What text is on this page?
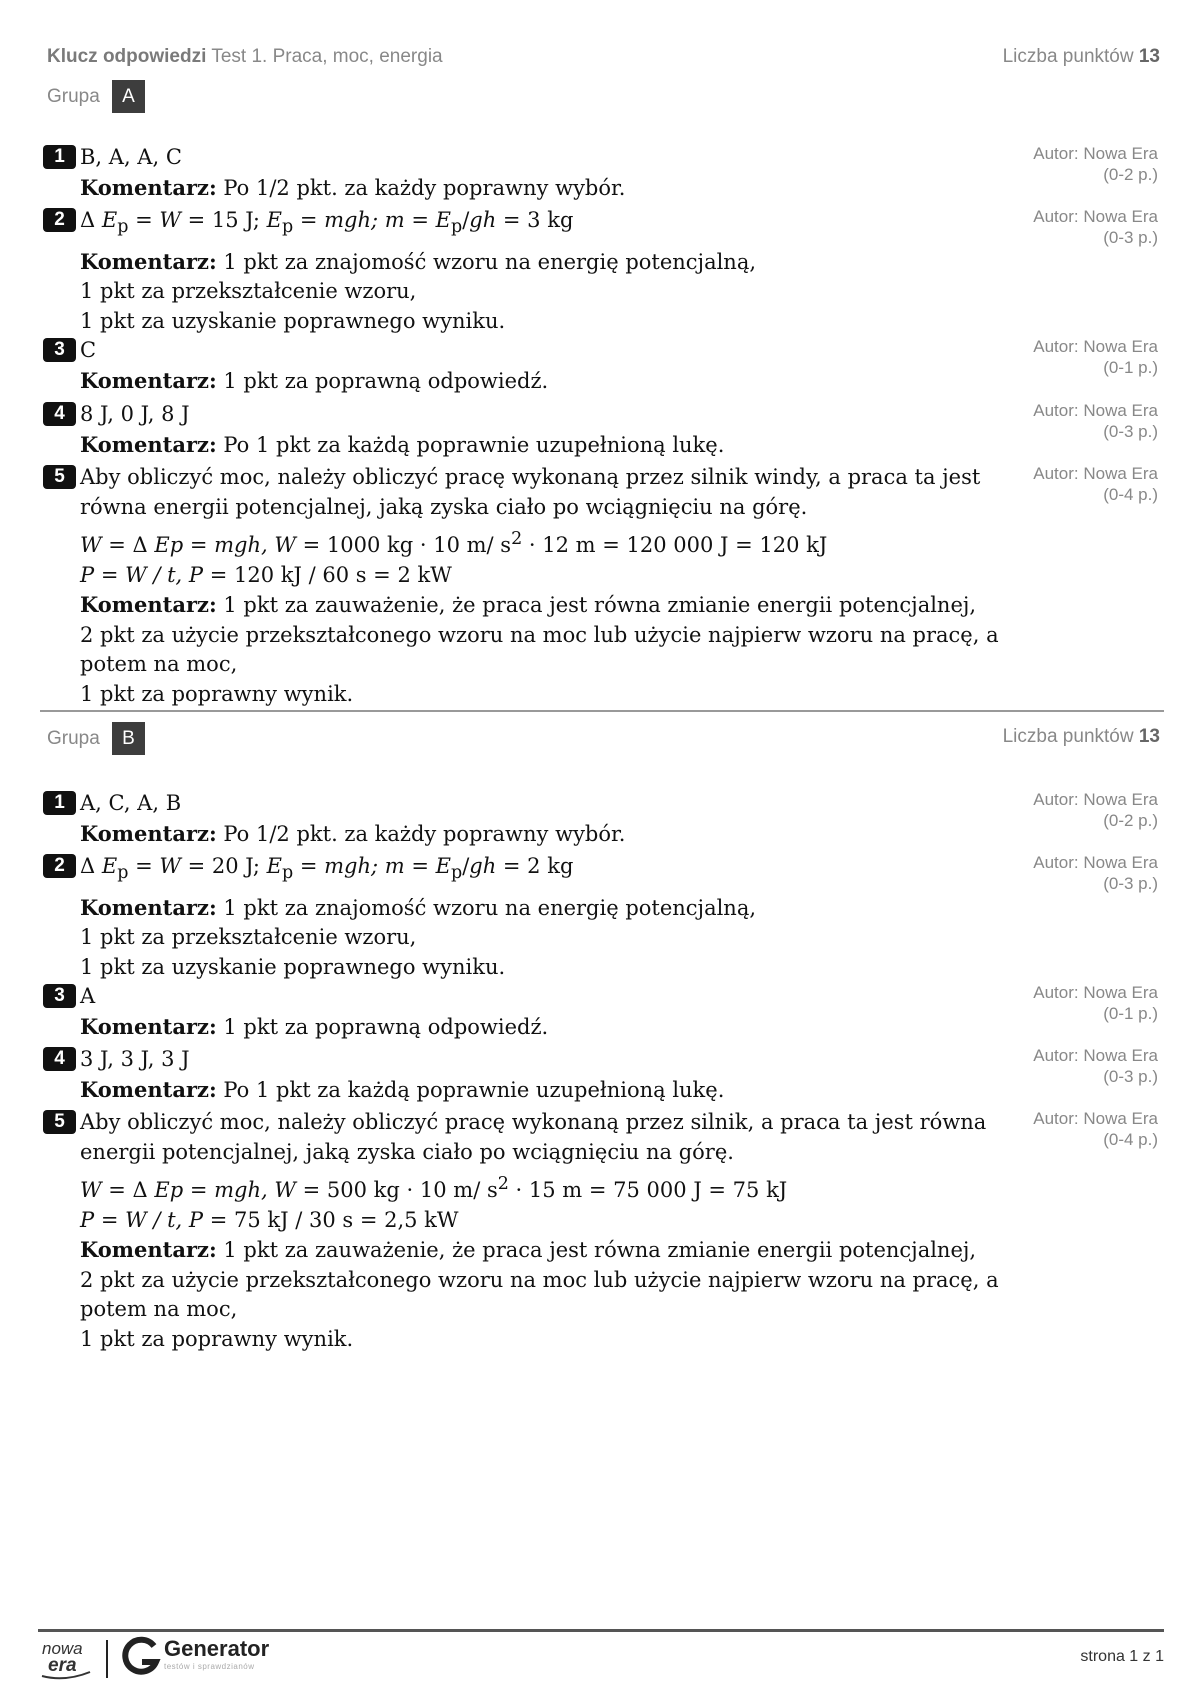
Klucz odpowiedzi Test 1. Praca, moc, energia	Liczba punktów 13
Grupa	A
1	Autor: Nowa Era
(0-2 p.)
B, A, A, C
Komentarz: Po 1/2 pkt. za każdy poprawny wybór.
2	Autor: Nowa Era
(0-3 p.)
Δ $E_p = W = 15$ J; $E_p$ = mgh; $m = E_p/gh = 3$ kg
Komentarz: 1 pkt za znajomość wzoru na energię potencjalną,
1 pkt za przekształcenie wzoru,
1 pkt za uzyskanie poprawnego wyniku.
3	Autor: Nowa Era
(0-1 p.)
C
Komentarz: 1 pkt za poprawną odpowiedź.
4	Autor: Nowa Era
(0-3 p.)
8 J, 0 J, 8 J
Komentarz: Po 1 pkt za każdą poprawnie uzupełnioną lukę.
5	Autor: Nowa Era
(0-4 p.)
Aby obliczyć moc, należy obliczyć pracę wykonaną przez silnik windy, a praca ta jest równa energii potencjalnej, jaką zyska ciało po wciągnięciu na górę.
W = Δ Ep = mgh, W = 1000 kg · 10 m/ $s^2 \cdot 12$ m = 120 000 J = 120 kJ
P = W / t, P = 120 kJ / 60 s = 2 kW
Komentarz: 1 pkt za zauważenie, że praca jest równa zmianie energii potencjalnej,
2 pkt za użycie przekształconego wzoru na moc lub użycie najpierw wzoru na pracę, a potem na moc,
1 pkt za poprawny wynik.
Grupa	B	Liczba punktów 13
1	Autor: Nowa Era
(0-2 p.)
A, C, A, B
Komentarz: Po 1/2 pkt. za każdy poprawny wybór.
2	Autor: Nowa Era
(0-3 p.)
Δ $E_p = W = 20$ J; $E_p$ = mgh; $m = E_p/gh = 2$ kg
Komentarz: 1 pkt za znajomość wzoru na energię potencjalną,
1 pkt za przekształcenie wzoru,
1 pkt za uzyskanie poprawnego wyniku.
3	Autor: Nowa Era
(0-1 p.)
A
Komentarz: 1 pkt za poprawną odpowiedź.
4	Autor: Nowa Era
(0-3 p.)
3 J, 3 J, 3 J
Komentarz: Po 1 pkt za każdą poprawnie uzupełnioną lukę.
5	Autor: Nowa Era
(0-4 p.)
Aby obliczyć moc, należy obliczyć pracę wykonaną przez silnik, a praca ta jest równa energii potencjalnej, jaką zyska ciało po wciągnięciu na górę.
W = Δ Ep = mgh, W = 500 kg · 10 m/ $s^2 \cdot 15$ m = 75 000 J = 75 kJ
P = W / t, P = 75 kJ / 30 s = 2,5 kW
Komentarz: 1 pkt za zauważenie, że praca jest równa zmianie energii potencjalnej,
2 pkt za użycie przekształconego wzoru na moc lub użycie najpierw wzoru na pracę, a potem na moc,
1 pkt za poprawny wynik.
nowa
era
Generator
testów i sprawdzianów
strona 1 z 1
